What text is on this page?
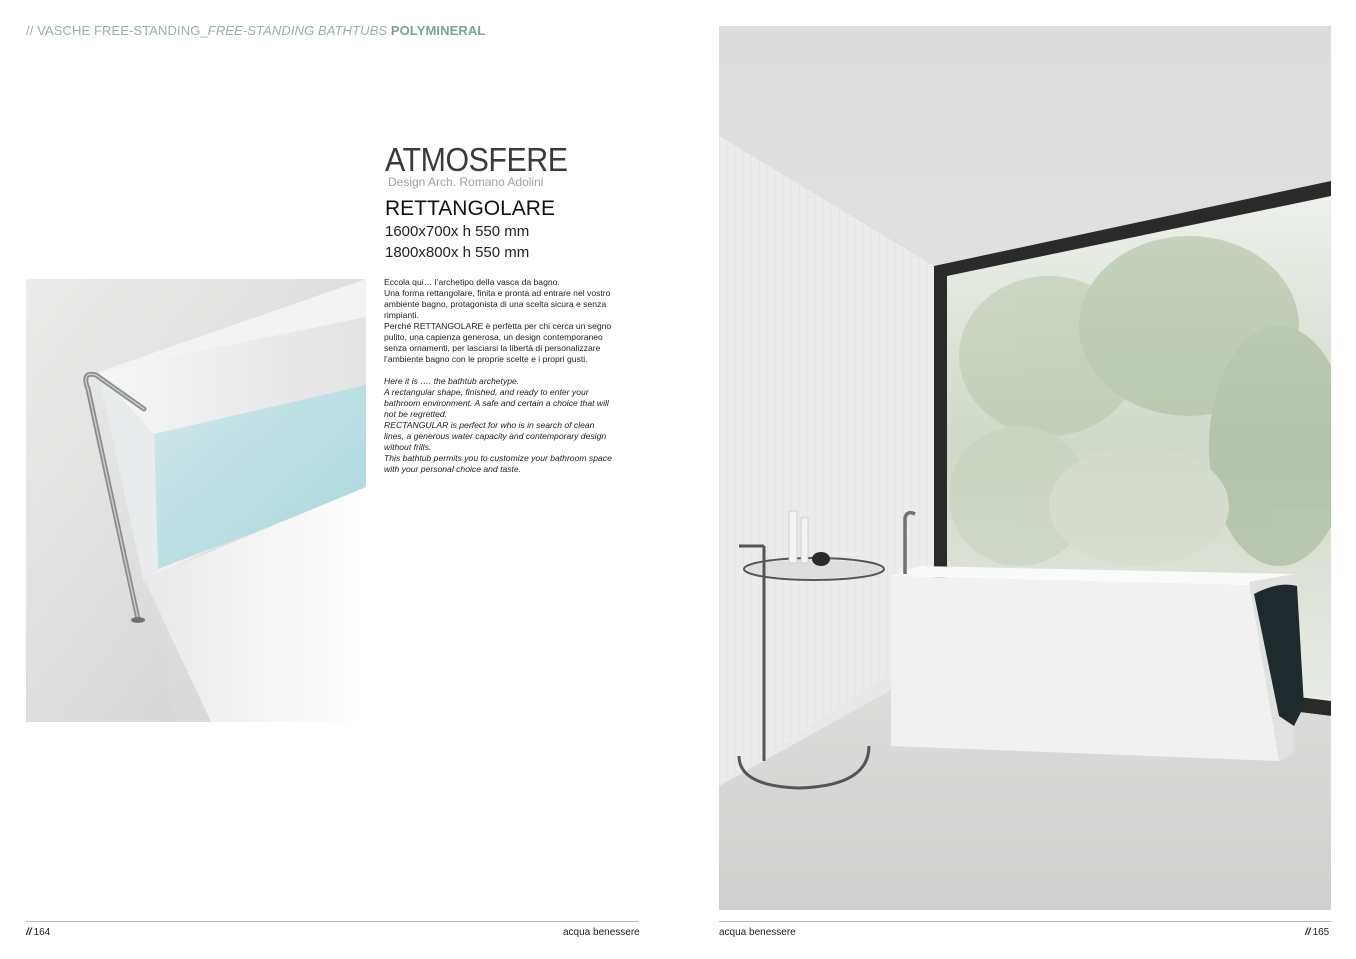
// VASCHE FREE-STANDING_FREE-STANDING BATHTUBS POLYMINERAL
ATMOSFERE
Design Arch. Romano Adolini
RETTANGOLARE
1600x700x h 550 mm
1800x800x h 550 mm

Eccola qui… l’archetipo della vasca da bagno.

Una forma rettangolare, finita e pronta ad entrare nel vostro ambiente bagno, protagonista di una scelta sicura e senza rimpianti.

Perché RETTANGOLARE è perfetta per chi cerca un segno pulito, una capienza generosa, un design contemporaneo senza ornamenti, per lasciarsi la libertà di personalizzare l’ambiente bagno con le proprie scelte e i propri gusti.

Here it is …. the bathtub archetype.

A rectangular shape, finished, and ready to enter your bathroom environment. A safe and certain a choice that will not be regretted.

RECTANGULAR is perfect for who is in search of clean lines, a generous water capacity and contemporary design without frills.

This bathtub permits you to customize your bathroom space with your personal choice and taste.

// 164	acqua benessere	acqua benessere	// 165
